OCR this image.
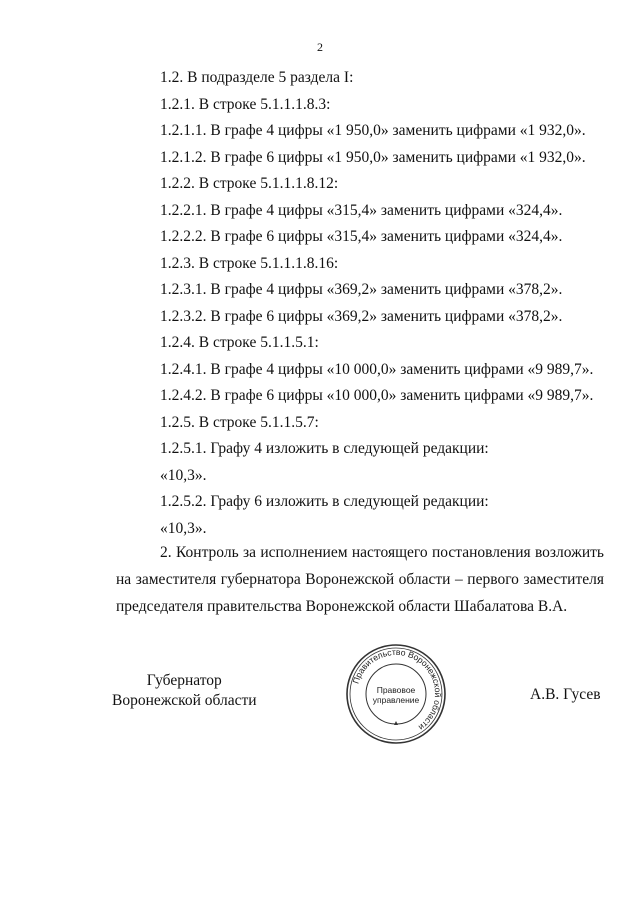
2
1.2. В подразделе 5 раздела I:
1.2.1. В строке 5.1.1.1.8.3:
1.2.1.1. В графе 4 цифры «1 950,0» заменить цифрами «1 932,0».
1.2.1.2. В графе 6 цифры «1 950,0» заменить цифрами «1 932,0».
1.2.2. В строке 5.1.1.1.8.12:
1.2.2.1. В графе 4 цифры «315,4» заменить цифрами «324,4».
1.2.2.2. В графе 6 цифры «315,4» заменить цифрами «324,4».
1.2.3. В строке 5.1.1.1.8.16:
1.2.3.1. В графе 4 цифры «369,2» заменить цифрами «378,2».
1.2.3.2. В графе 6 цифры «369,2» заменить цифрами «378,2».
1.2.4. В строке 5.1.1.5.1:
1.2.4.1. В графе 4 цифры «10 000,0» заменить цифрами «9 989,7».
1.2.4.2. В графе 6 цифры «10 000,0» заменить цифрами «9 989,7».
1.2.5. В строке 5.1.1.5.7:
1.2.5.1. Графу 4 изложить в следующей редакции:
«10,3».
1.2.5.2. Графу 6 изложить в следующей редакции:
«10,3».
2. Контроль за исполнением настоящего постановления возложить
на заместителя губернатора Воронежской области – первого заместителя
председателя правительства Воронежской области Шабалатова В.А.
Губернатор
Воронежской области
Правительство Воронежской области
Правовое
управление	А.В. Гусев
